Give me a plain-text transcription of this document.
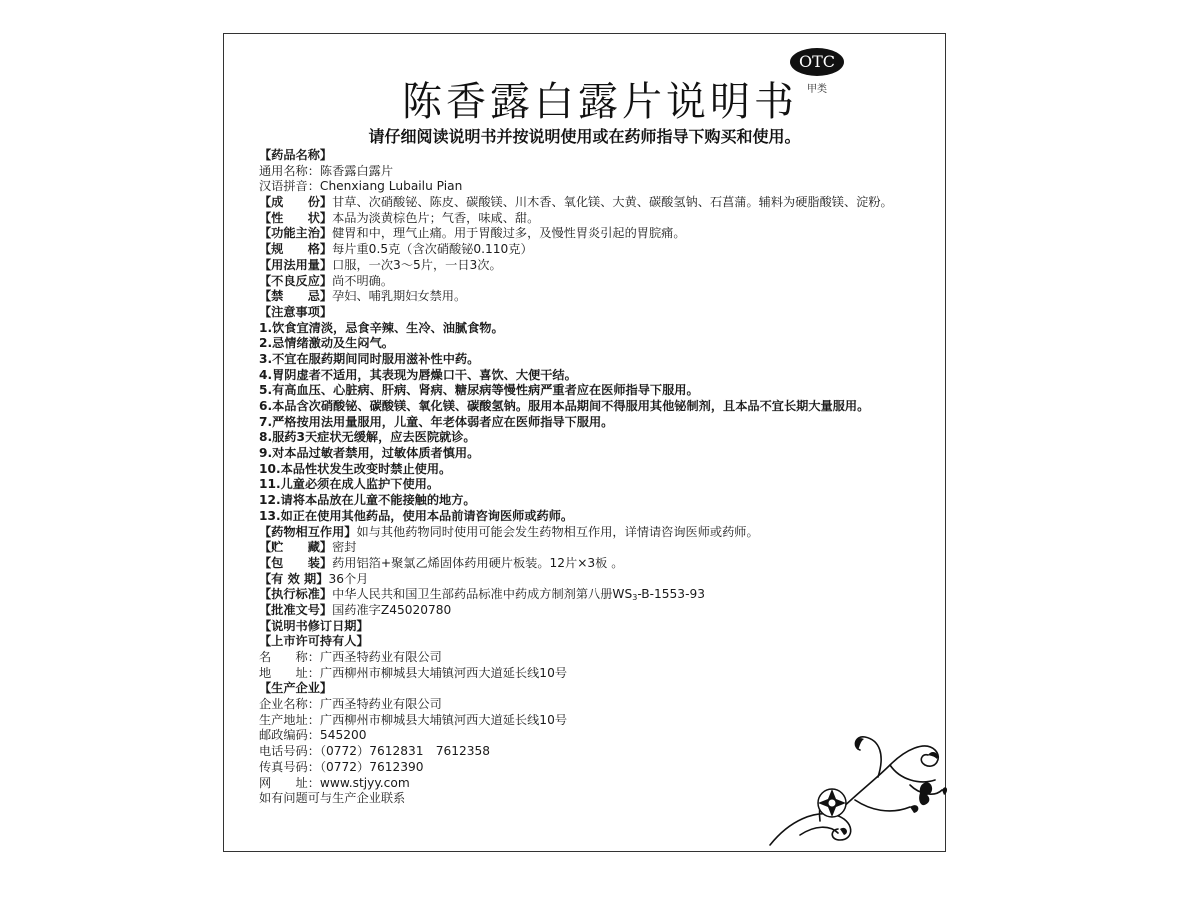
陈香露白露片说明书
OTC
甲类

请仔细阅读说明书并按说明使用或在药师指导下购买和使用。

【药品名称】
通用名称：陈香露白露片
汉语拼音：Chenxiang Lubailu Pian
【成　　份】甘草、次硝酸铋、陈皮、碳酸镁、川木香、氧化镁、大黄、碳酸氢钠、石菖蒲。辅料为硬脂酸镁、淀粉。
【性　　状】本品为淡黄棕色片；气香，味咸、甜。
【功能主治】健胃和中，理气止痛。用于胃酸过多，及慢性胃炎引起的胃脘痛。
【规　　格】每片重0.5克（含次硝酸铋0.110克）
【用法用量】口服，一次3～5片，一日3次。
【不良反应】尚不明确。
【禁　　忌】孕妇、哺乳期妇女禁用。
【注意事项】
1.饮食宜清淡，忌食辛辣、生冷、油腻食物。
2.忌情绪激动及生闷气。
3.不宜在服药期间同时服用滋补性中药。
4.胃阴虚者不适用，其表现为唇燥口干、喜饮、大便干结。
5.有高血压、心脏病、肝病、肾病、糖尿病等慢性病严重者应在医师指导下服用。
6.本品含次硝酸铋、碳酸镁、氧化镁、碳酸氢钠。服用本品期间不得服用其他铋制剂，且本品不宜长期大量服用。
7.严格按用法用量服用，儿童、年老体弱者应在医师指导下服用。
8.服药3天症状无缓解，应去医院就诊。
9.对本品过敏者禁用，过敏体质者慎用。
10.本品性状发生改变时禁止使用。
11.儿童必须在成人监护下使用。
12.请将本品放在儿童不能接触的地方。
13.如正在使用其他药品，使用本品前请咨询医师或药师。
【药物相互作用】如与其他药物同时使用可能会发生药物相互作用，详情请咨询医师或药师。
【贮　　藏】密封
【包　　装】药用铝箔+聚氯乙烯固体药用硬片板装。12片×3板 。
【有 效 期】36个月
【执行标准】中华人民共和国卫生部药品标准中药成方制剂第八册WS3-B-1553-93
【批准文号】国药准字Z45020780
【说明书修订日期】
【上市许可持有人】
名　　称：广西圣特药业有限公司
地　　址：广西柳州市柳城县大埔镇河西大道延长线10号
【生产企业】
企业名称：广西圣特药业有限公司
生产地址：广西柳州市柳城县大埔镇河西大道延长线10号
邮政编码：545200
电话号码：（0772）7612831　7612358
传真号码：（0772）7612390
网　　址：www.stjyy.com
如有问题可与生产企业联系
